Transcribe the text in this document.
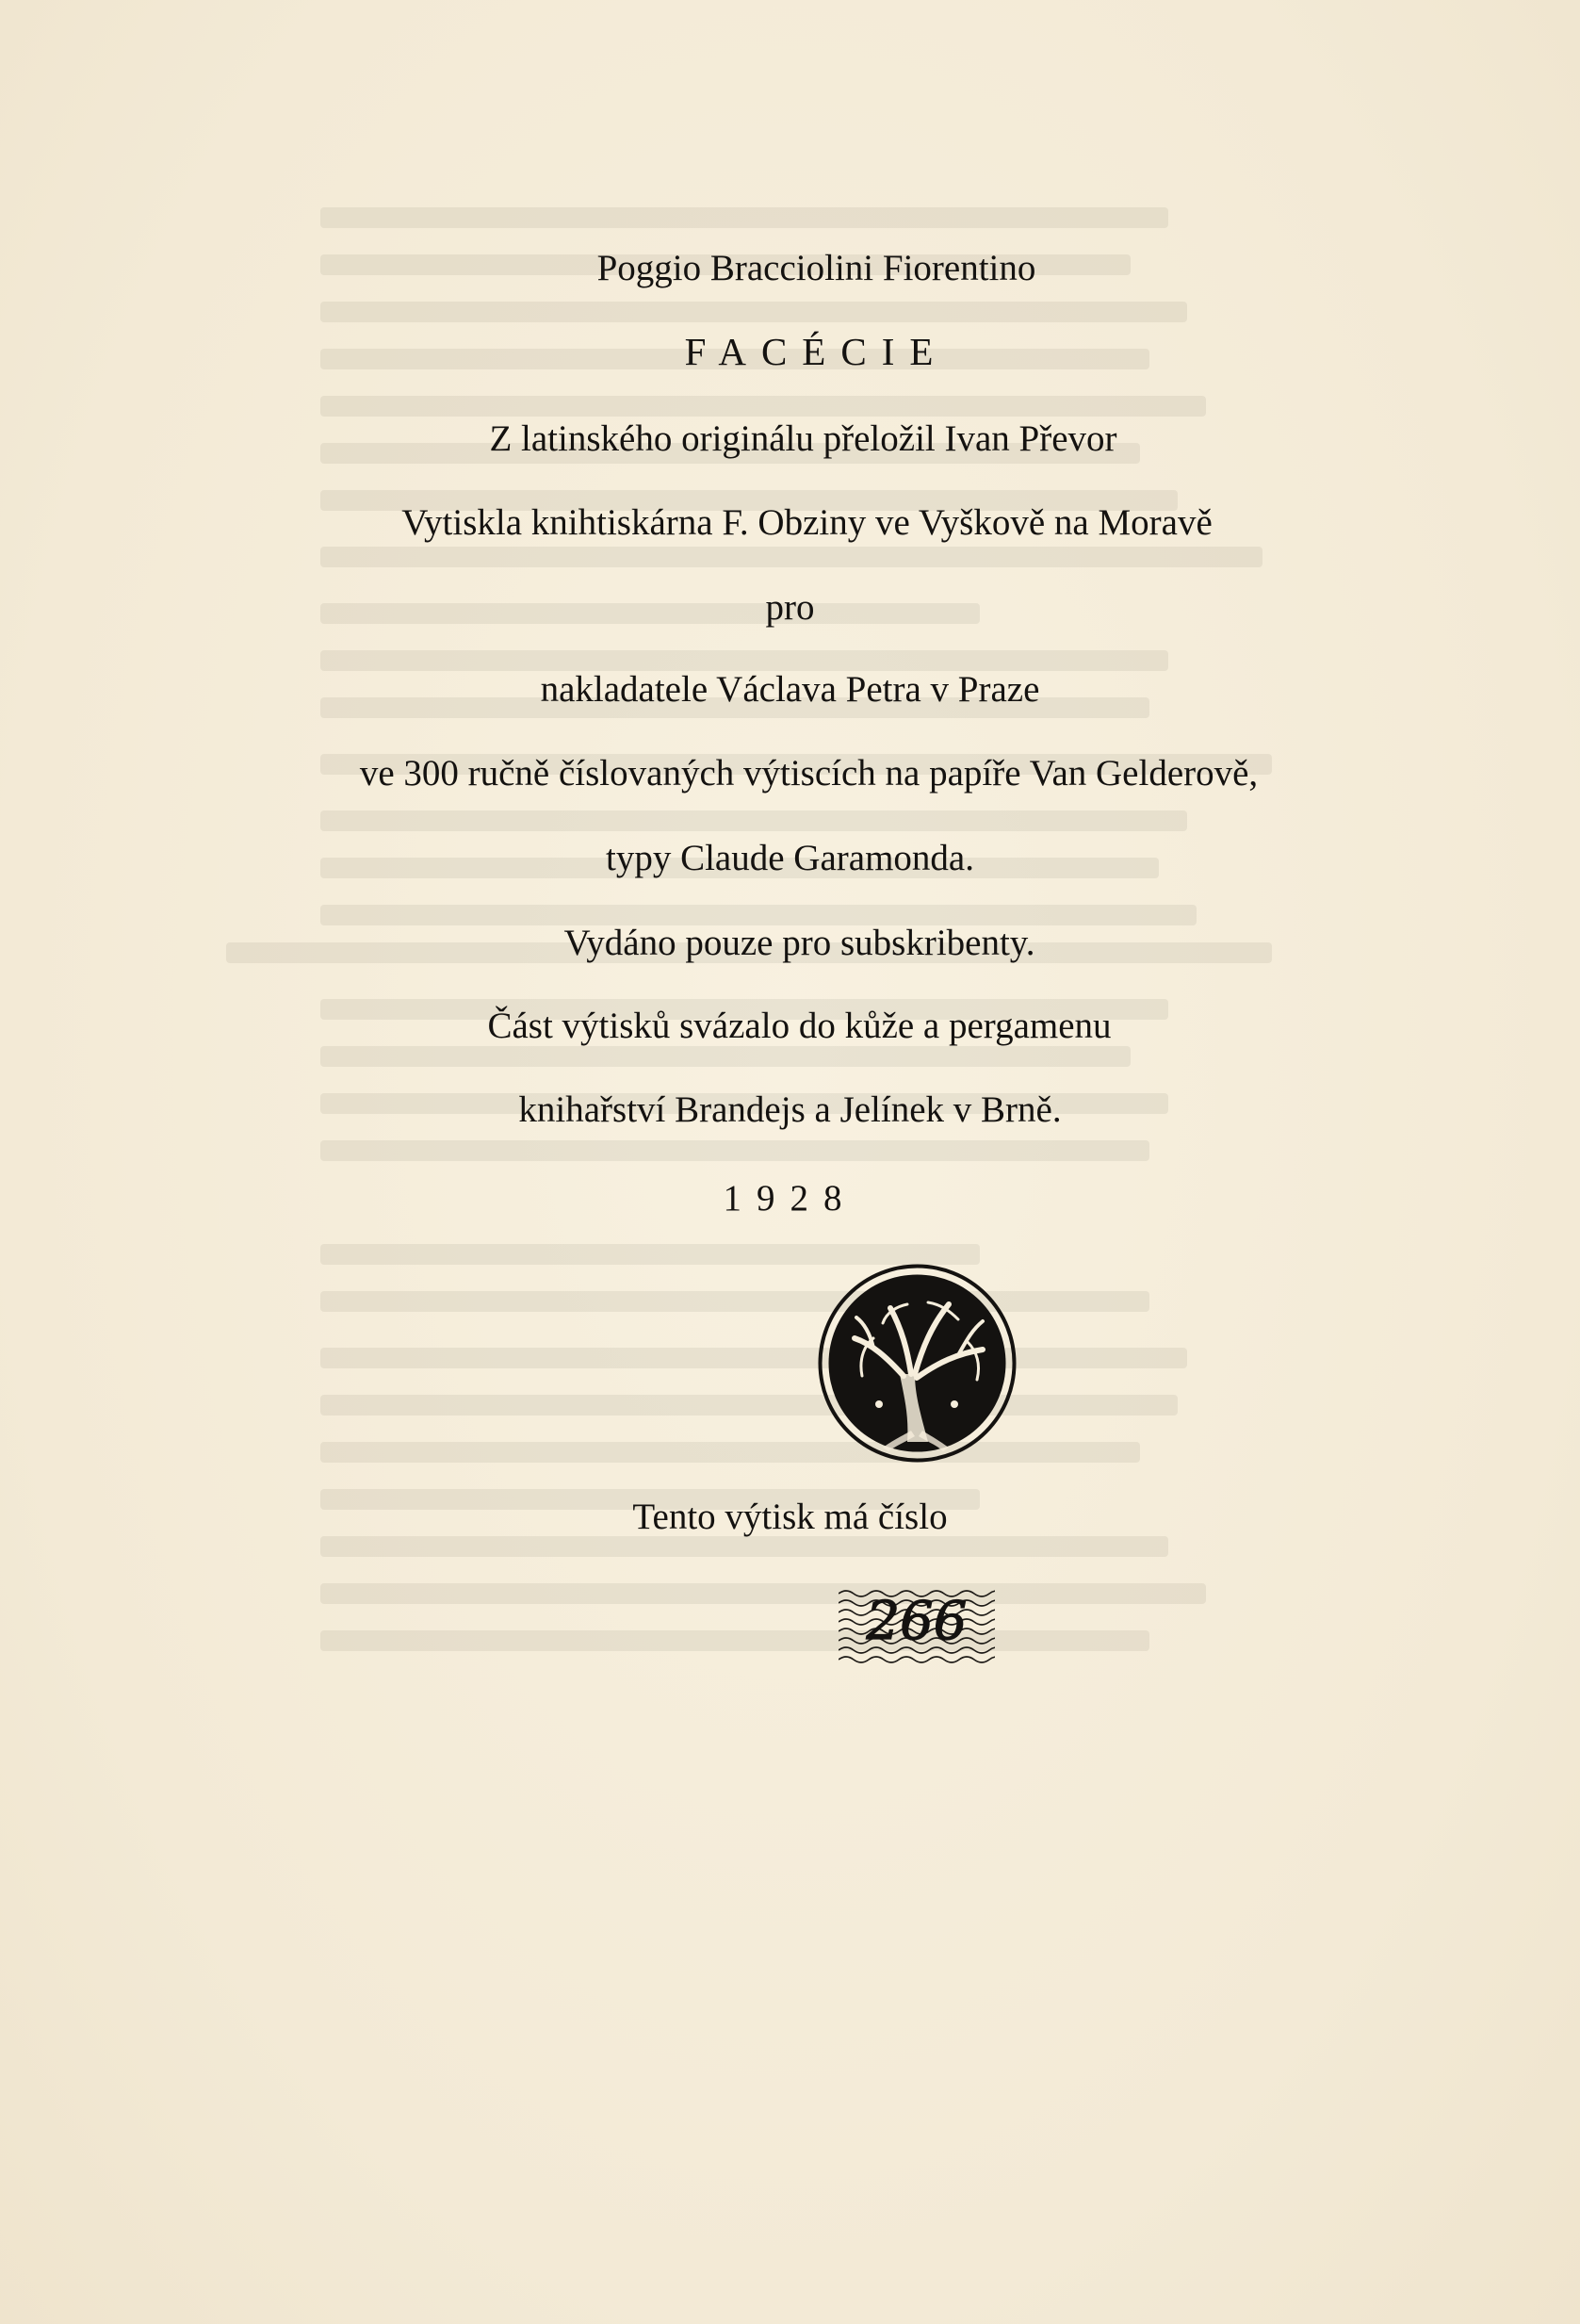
Poggio Bracciolini Fiorentino
FACÉCIE
Z latinského originálu přeložil Ivan Převor
Vytiskla knihtiskárna F. Obziny ve Vyškově na Moravě
pro
nakladatele Václava Petra v Praze
ve 300 ručně číslovaných výtiscích na papíře Van Gelderově,
typy Claude Garamonda.
Vydáno pouze pro subskribenty.
Část výtisků svázalo do kůže a pergamenu
knihařství Brandejs a Jelínek v Brně.
1928
Tento výtisk má číslo
266
